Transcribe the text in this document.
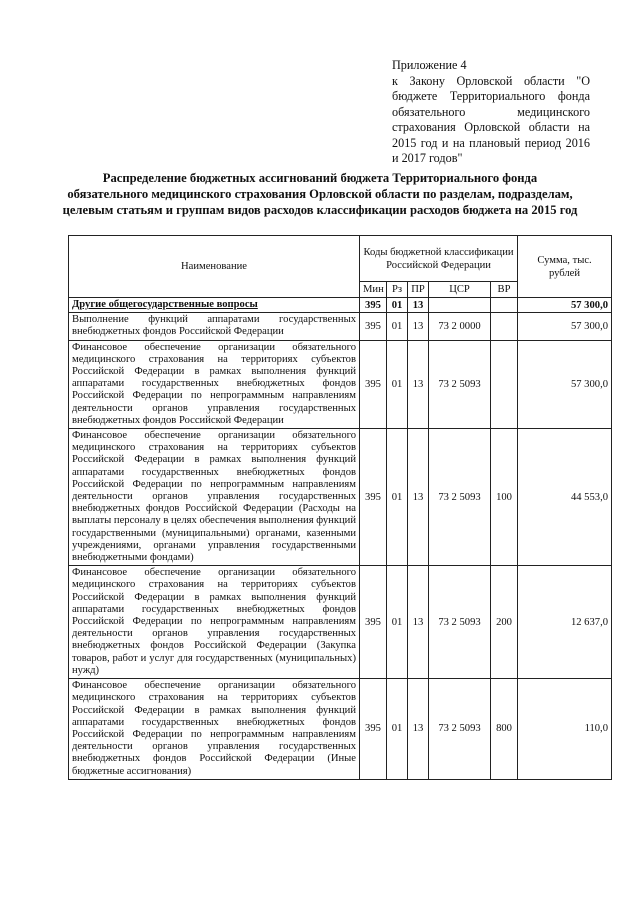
Приложение 4
к Закону Орловской области "О бюджете Территориального фонда обязательного медицинского страхования Орловской области на 2015 год и на плановый период 2016 и 2017 годов"
Распределение бюджетных ассигнований бюджета Территориального фонда обязательного медицинского страхования Орловской области по разделам, подразделам, целевым статьям и группам видов расходов классификации расходов бюджета на 2015 год
Наименование	Коды бюджетной классификации Российской Федерации					Сумма, тыс. рублей
	Мин	Рз	ПР	ЦСР	ВР	
Другие общегосударственные вопросы	395	01	13			57 300,0
Выполнение функций аппаратами государственных внебюджетных фондов Российской Федерации	395	01	13	73 2 0000		57 300,0
Финансовое обеспечение организации обязательного медицинского страхования на территориях субъектов Российской Федерации в рамках выполнения функций аппаратами государственных внебюджетных фондов Российской Федерации по непрограммным направлениям деятельности органов управления государственных внебюджетных фондов Российской Федерации	395	01	13	73 2 5093		57 300,0
Финансовое обеспечение организации обязательного медицинского страхования на территориях субъектов Российской Федерации в рамках выполнения функций аппаратами государственных внебюджетных фондов Российской Федерации по непрограммным направлениям деятельности органов управления государственных внебюджетных фондов Российской Федерации (Расходы на выплаты персоналу в целях обеспечения выполнения функций государственными (муниципальными) органами, казенными учреждениями, органами управления государственными внебюджетными фондами)	395	01	13	73 2 5093	100	44 553,0
Финансовое обеспечение организации обязательного медицинского страхования на территориях субъектов Российской Федерации в рамках выполнения функций аппаратами государственных внебюджетных фондов Российской Федерации по непрограммным направлениям деятельности органов управления государственных внебюджетных фондов Российской Федерации (Закупка товаров, работ и услуг для государственных (муниципальных) нужд)	395	01	13	73 2 5093	200	12 637,0
Финансовое обеспечение организации обязательного медицинского страхования на территориях субъектов Российской Федерации в рамках выполнения функций аппаратами государственных внебюджетных фондов Российской Федерации по непрограммным направлениям деятельности органов управления государственных внебюджетных фондов Российской Федерации (Иные бюджетные ассигнования)	395	01	13	73 2 5093	800	110,0
